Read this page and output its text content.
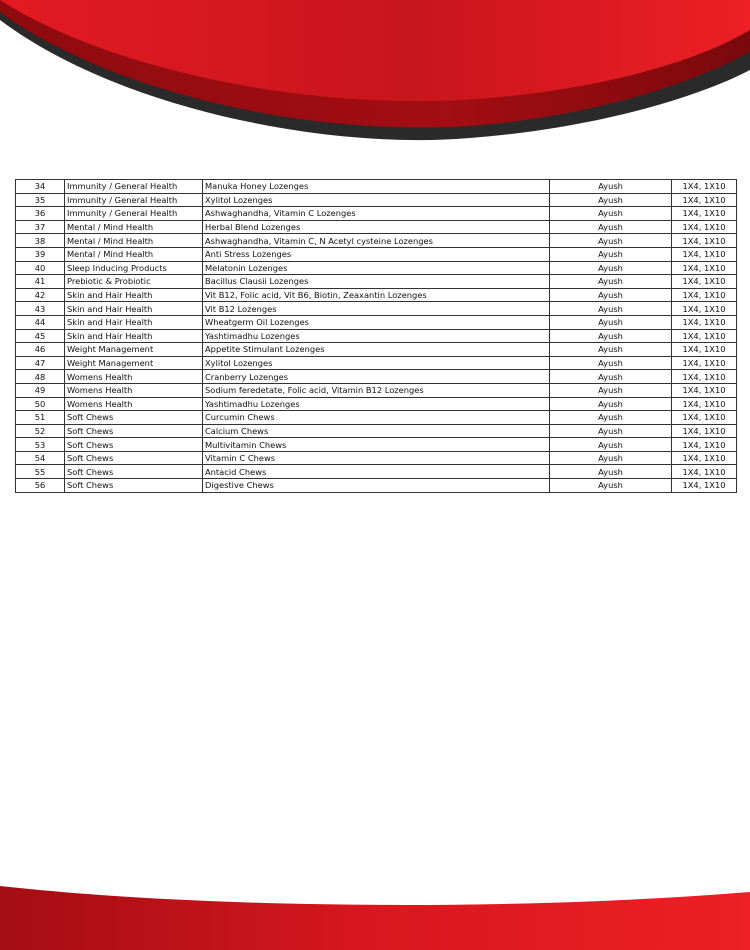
34	Immunity / General Health	Manuka Honey Lozenges	Ayush	1X4, 1X10
35	Immunity / General Health	Xylitol Lozenges	Ayush	1X4, 1X10
36	Immunity / General Health	Ashwaghandha, Vitamin C Lozenges	Ayush	1X4, 1X10
37	Mental / Mind Health	Herbal Blend Lozenges	Ayush	1X4, 1X10
38	Mental / Mind Health	Ashwaghandha, Vitamin C, N Acetyl cysteine Lozenges	Ayush	1X4, 1X10
39	Mental / Mind Health	Anti Stress Lozenges	Ayush	1X4, 1X10
40	Sleep Inducing Products	Melatonin Lozenges	Ayush	1X4, 1X10
41	Prebiotic & Probiotic	Bacillus Clausii Lozenges	Ayush	1X4, 1X10
42	Skin and Hair Health	Vit B12, Folic acid, Vit B6, Biotin, Zeaxantin Lozenges	Ayush	1X4, 1X10
43	Skin and Hair Health	Vit B12 Lozenges	Ayush	1X4, 1X10
44	Skin and Hair Health	Wheatgerm Oil Lozenges	Ayush	1X4, 1X10
45	Skin and Hair Health	Yashtimadhu Lozenges	Ayush	1X4, 1X10
46	Weight Management	Appetite Stimulant Lozenges	Ayush	1X4, 1X10
47	Weight Management	Xylitol Lozenges	Ayush	1X4, 1X10
48	Womens Health	Cranberry Lozenges	Ayush	1X4, 1X10
49	Womens Health	Sodium feredetate, Folic acid, Vitamin B12 Lozenges	Ayush	1X4, 1X10
50	Womens Health	Yashtimadhu Lozenges	Ayush	1X4, 1X10
51	Soft Chews	Curcumin Chews	Ayush	1X4, 1X10
52	Soft Chews	Calcium Chews	Ayush	1X4, 1X10
53	Soft Chews	Multivitamin Chews	Ayush	1X4, 1X10
54	Soft Chews	Vitamin C Chews	Ayush	1X4, 1X10
55	Soft Chews	Antacid Chews	Ayush	1X4, 1X10
56	Soft Chews	Digestive Chews	Ayush	1X4, 1X10
